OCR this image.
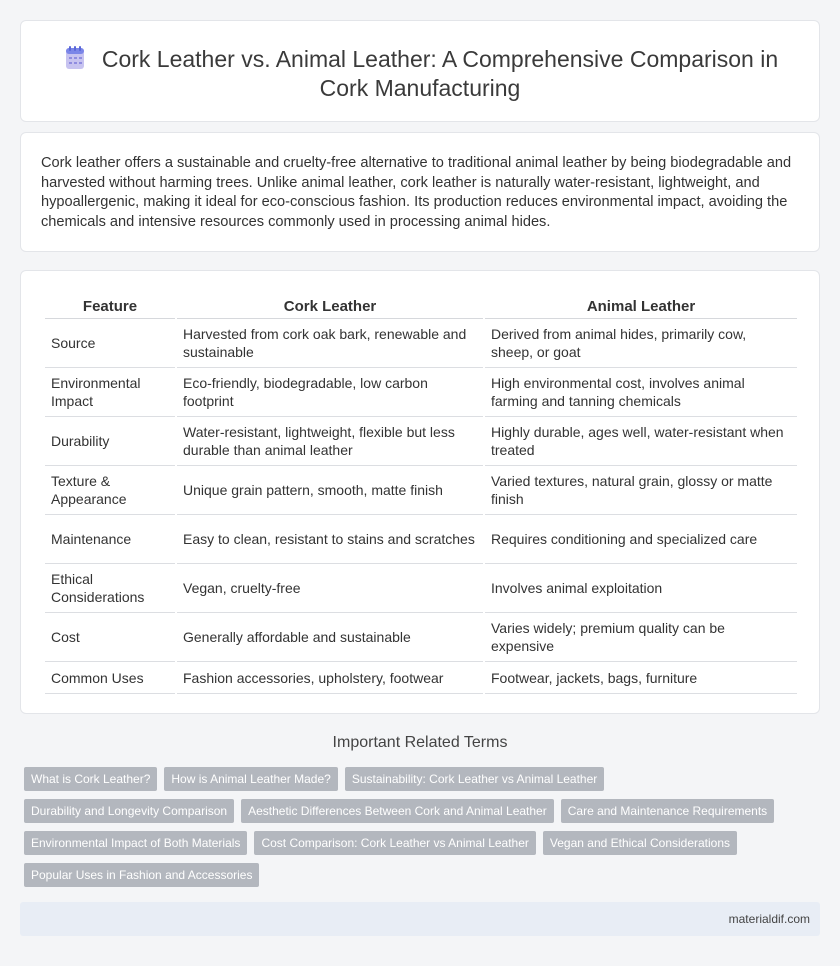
Cork Leather vs. Animal Leather: A Comprehensive Comparison in Cork Manufacturing

Cork leather offers a sustainable and cruelty-free alternative to traditional animal leather by being biodegradable and harvested without harming trees. Unlike animal leather, cork leather is naturally water-resistant, lightweight, and hypoallergenic, making it ideal for eco-conscious fashion. Its production reduces environmental impact, avoiding the chemicals and intensive resources commonly used in processing animal hides.

Feature	Cork Leather	Animal Leather
Source	Harvested from cork oak bark, renewable and sustainable	Derived from animal hides, primarily cow, sheep, or goat
Environmental Impact	Eco-friendly, biodegradable, low carbon footprint	High environmental cost, involves animal farming and tanning chemicals
Durability	Water-resistant, lightweight, flexible but less durable than animal leather	Highly durable, ages well, water-resistant when treated
Texture & Appearance	Unique grain pattern, smooth, matte finish	Varied textures, natural grain, glossy or matte finish
Maintenance	Easy to clean, resistant to stains and scratches	Requires conditioning and specialized care
Ethical Considerations	Vegan, cruelty-free	Involves animal exploitation
Cost	Generally affordable and sustainable	Varies widely; premium quality can be expensive
Common Uses	Fashion accessories, upholstery, footwear	Footwear, jackets, bags, furniture
Important Related Terms
What is Cork Leather?	How is Animal Leather Made?	Sustainability: Cork Leather vs Animal Leather
Durability and Longevity Comparison	Aesthetic Differences Between Cork and Animal Leather	Care and Maintenance Requirements
Environmental Impact of Both Materials	Cost Comparison: Cork Leather vs Animal Leather	Vegan and Ethical Considerations
Popular Uses in Fashion and Accessories
materialdif.com
